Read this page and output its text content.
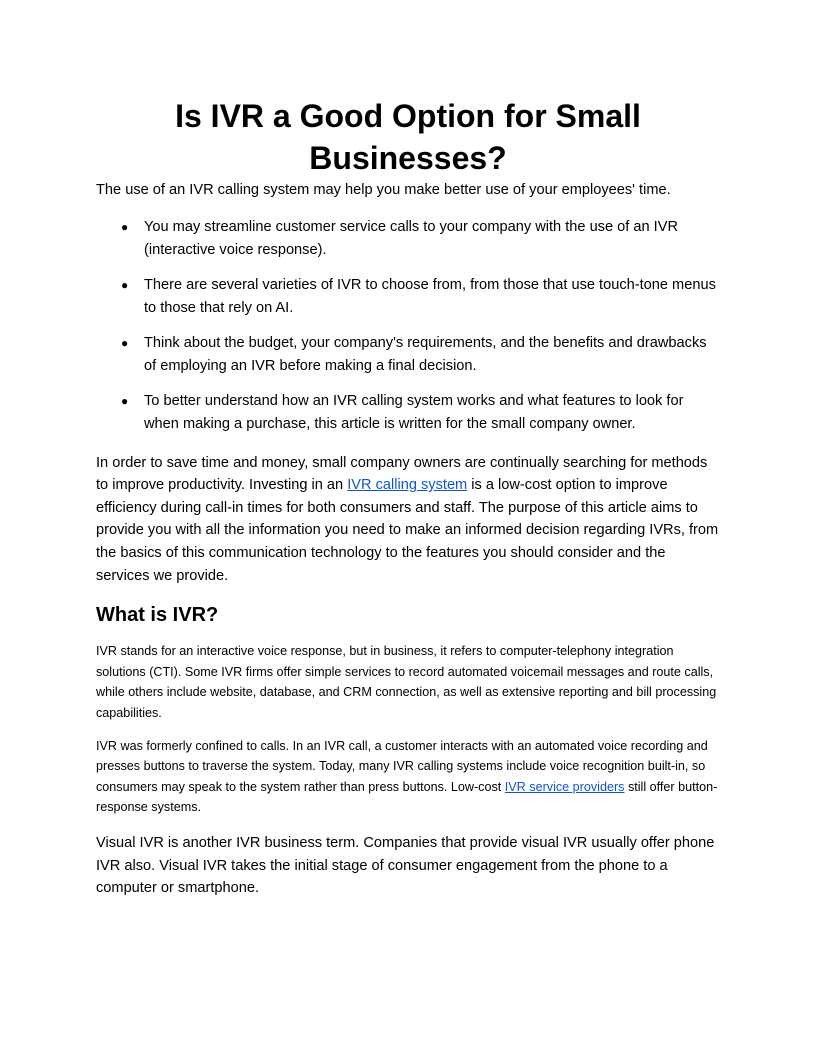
Is IVR a Good Option for Small Businesses?

The use of an IVR calling system may help you make better use of your employees' time.

● You may streamline customer service calls to your company with the use of an IVR (interactive voice response).
● There are several varieties of IVR to choose from, from those that use touch-tone menus to those that rely on AI.
● Think about the budget, your company's requirements, and the benefits and drawbacks of employing an IVR before making a final decision.
● To better understand how an IVR calling system works and what features to look for when making a purchase, this article is written for the small company owner.

In order to save time and money, small company owners are continually searching for methods to improve productivity. Investing in an IVR calling system is a low-cost option to improve efficiency during call-in times for both consumers and staff. The purpose of this article aims to provide you with all the information you need to make an informed decision regarding IVRs, from the basics of this communication technology to the features you should consider and the services we provide.

What is IVR?

IVR stands for an interactive voice response, but in business, it refers to computer-telephony integration solutions (CTI). Some IVR firms offer simple services to record automated voicemail messages and route calls, while others include website, database, and CRM connection, as well as extensive reporting and bill processing capabilities.

IVR was formerly confined to calls. In an IVR call, a customer interacts with an automated voice recording and presses buttons to traverse the system. Today, many IVR calling systems include voice recognition built-in, so consumers may speak to the system rather than press buttons. Low-cost IVR service providers still offer button-response systems.

Visual IVR is another IVR business term. Companies that provide visual IVR usually offer phone IVR also. Visual IVR takes the initial stage of consumer engagement from the phone to a computer or smartphone.
